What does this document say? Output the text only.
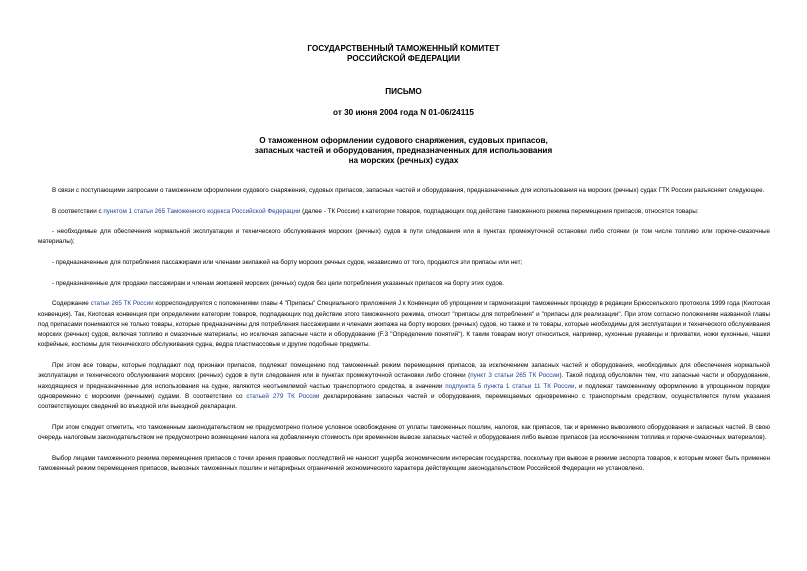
ГОСУДАРСТВЕННЫЙ ТАМОЖЕННЫЙ КОМИТЕТ
РОССИЙСКОЙ ФЕДЕРАЦИИ
ПИСЬМО
от 30 июня 2004 года N 01-06/24115
О таможенном оформлении судового снаряжения, судовых припасов,
запасных частей и оборудования, предназначенных для использования
на морских (речных) судах

В связи с поступающими запросами о таможенном оформлении судового снаряжения, судовых припасов, запасных частей и оборудования, предназначенных для использования на морских (речных) судах ГТК России разъясняет следующее.

В соответствии с пунктом 1 статьи 265 Таможенного кодекса Российской Федерации (далее - ТК России) к категории товаров, подпадающих под действие таможенного режима перемещения припасов, относятся товары:

- необходимые для обеспечения нормальной эксплуатации и технического обслуживания морских (речных) судов в пути следования или в пунктах промежуточной остановки либо стоянки (и том числе топливо или горюче-смазочные материалы);

- предназначенные для потребления пассажирами или членами экипажей на борту морских речных судов, независимо от того, продаются эти припасы или нет;

- предназначенные для продажи пассажирам и членам экипажей морских (речных) судов без цели потребления указанных припасов на борту этих судов.

Содержание статьи 265 ТК России корреспондируется с положениями главы 4 "Припасы" Специального приложения J к Конвенции об упрощении и гармонизации таможенных процедур в редакции Брюссельского протокола 1999 года (Киотская конвенция). Так, Киотская конвенция при определении категории товаров, подпадающих под действие этого таможенного режима, относит "припасы для потребления" и "припасы для реализации". При этом согласно положениям названной главы под припасами понимаются не только товары, которые предназначены для потребления пассажирами и членами экипажа на борту морских (речных) судов, но также и те товары, которые необходимы для эксплуатации и технического обслуживания морских (речных) судов, включая топливо и смазочные материалы, но исключая запасные части и оборудование (F.3 "Определение понятий"). К таким товарам могут относиться, например, кухонные рукавицы и прихватки, ножи кухонные, чашки кофейные, костюмы для технического обслуживания судна, ведра пластмассовые и другие подобные предметы.

При этом все товары, которые подпадают под признаки припасов, подлежат помещению под таможенный режим перемещения припасов, за исключением запасных частей и оборудования, необходимых для обеспечения нормальной эксплуатации и технического обслуживания морских (речных) судов в пути следования или в пунктах промежуточной остановки либо стоянки (пункт 3 статьи 265 ТК России). Такой подход обусловлен тем, что запасные части и оборудование, находящиеся и предназначенные для использования на судне, являются неотъемлемой частью транспортного средства, в значении подпункта 5 пункта 1 статьи 11 ТК России, и подлежат таможенному оформлению в упрощенном порядке одновременно с морскими (речными) судами. В соответствии со статьей 279 ТК России декларирование запасных частей и оборудования, перемещаемых одновременно с транспортным средством, осуществляется путем указания соответствующих сведений во въездной или выездной декларации.

При этом следует отметить, что таможенным законодательством не предусмотрено полное условное освобождение от уплаты таможенных пошлин, налогов, как припасов, так и временно вывозимого оборудования и запасных частей. В свою очередь налоговым законодательством не предусмотрено возмещение налога на добавленную стоимость при временном вывозе запасных частей и оборудования либо вывозе припасов (за исключением топлива и горюче-смазочных материалов).

Выбор лицами таможенного режима перемещения припасов с точки зрения правовых последствий не наносит ущерба экономическим интересам государства, поскольку при вывозе в режиме экспорта товаров, к которым может быть применен таможенный режим перемещения припасов, вывозных таможенных пошлин и нетарифных ограничений экономического характера действующим законодательством Российской Федерации не установлено.
